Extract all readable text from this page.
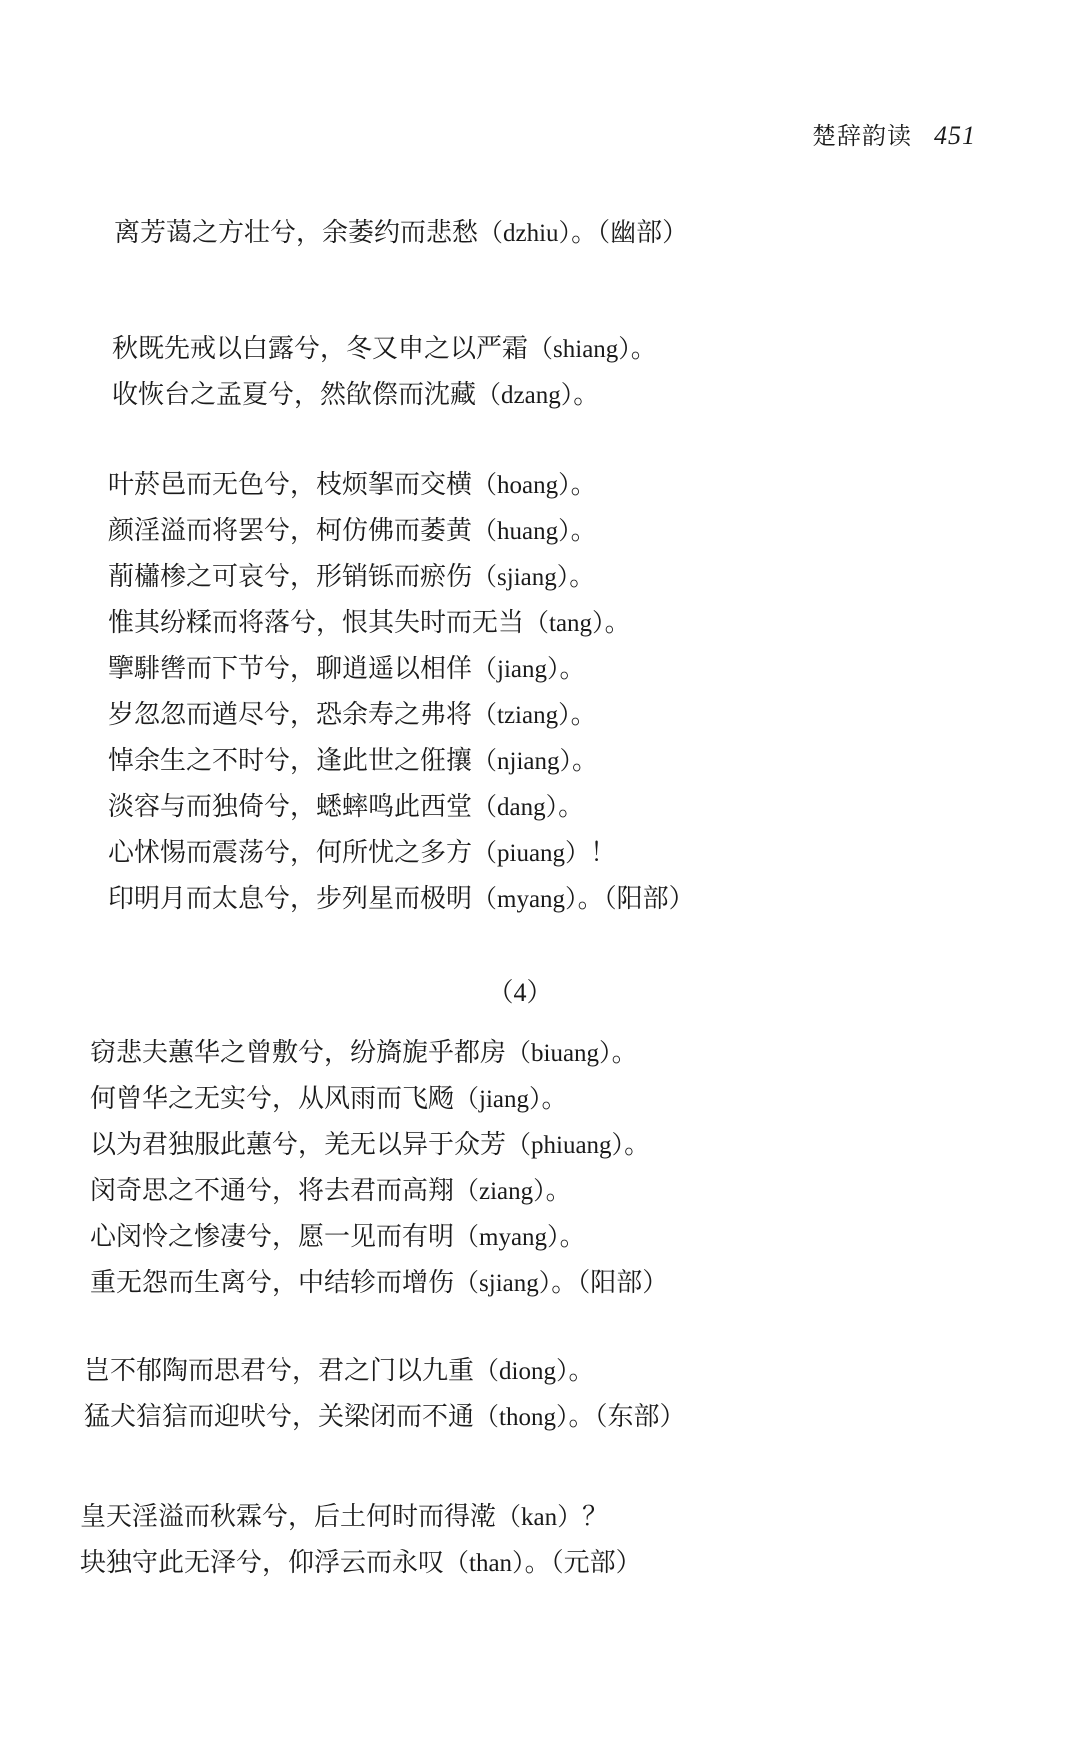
楚辞韵读 451
离芳蔼之方壮兮，余萎约而悲愁（dzhiu）。（幽部）
秋既先戒以白露兮，冬又申之以严霜（shiang）。
收恢台之孟夏兮，然欿傺而沈藏（dzang）。
叶菸邑而无色兮，枝烦挐而交横（hoang）。
颜淫溢而将罢兮，柯仿佛而萎黄（huang）。
萷櫹椮之可哀兮，形销铄而瘀伤（sjiang）。
惟其纷糅而将落兮，恨其失时而无当（tang）。
擥騑辔而下节兮，聊逍遥以相佯（jiang）。
岁忽忽而遒尽兮，恐余寿之弗将（tziang）。
悼余生之不时兮，逢此世之俇攘（njiang）。
淡容与而独倚兮，蟋蟀鸣此西堂（dang）。
心怵惕而震荡兮，何所忧之多方（piuang）！
印明月而太息兮，步列星而极明（myang）。（阳部）
（4）
窃悲夫蕙华之曾敷兮，纷旖旎乎都房（biuang）。
何曾华之无实兮，从风雨而飞飏（jiang）。
以为君独服此蕙兮，羌无以异于众芳（phiuang）。
闵奇思之不通兮，将去君而高翔（ziang）。
心闵怜之惨凄兮，愿一见而有明（myang）。
重无怨而生离兮，中结轸而增伤（sjiang）。（阳部）
岂不郁陶而思君兮，君之门以九重（diong）。
猛犬狺狺而迎吠兮，关梁闭而不通（thong）。（东部）
皇天淫溢而秋霖兮，后土何时而得漧（kan）？
块独守此无泽兮，仰浮云而永叹（than）。（元部）
